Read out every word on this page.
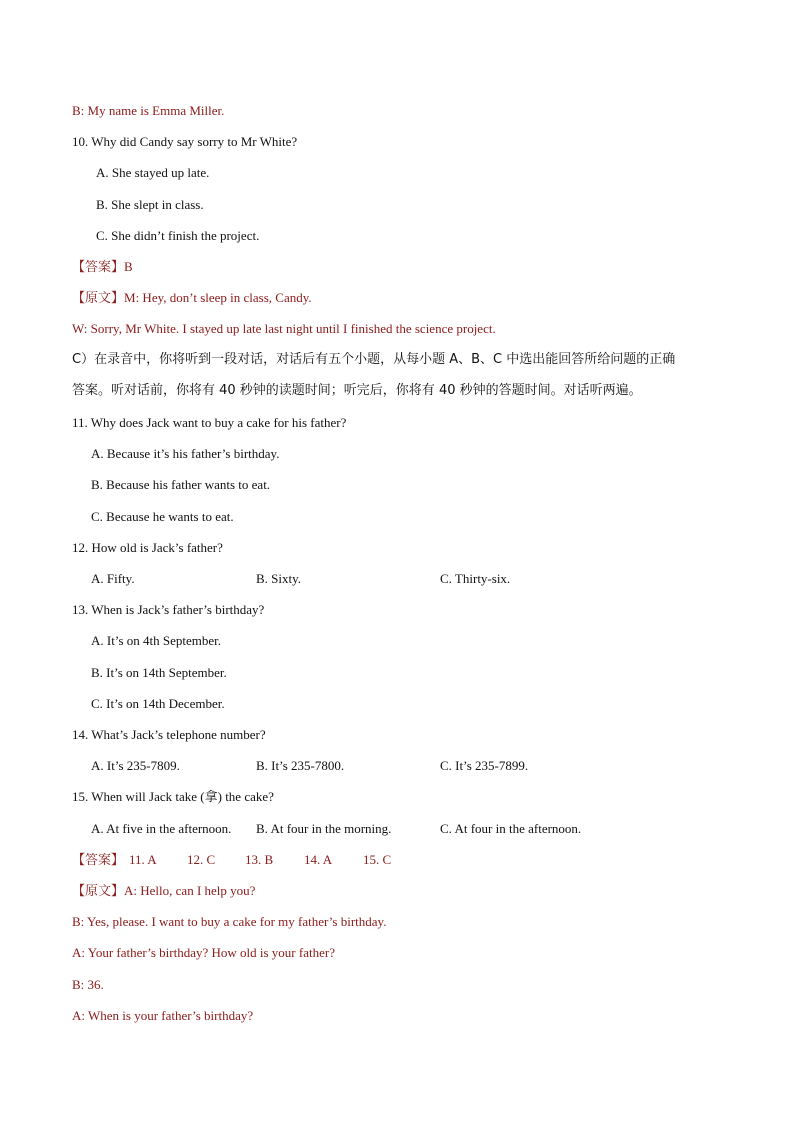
B: My name is Emma Miller.
10. Why did Candy say sorry to Mr White?
A. She stayed up late.
B. She slept in class.
C. She didn’t finish the project.
【答案】B
【原文】M: Hey, don’t sleep in class, Candy.
W: Sorry, Mr White. I stayed up late last night until I finished the science project.
C）在录音中，你将听到一段对话，对话后有五个小题，从每小题 A、B、C 中选出能回答所给问题的正确
答案。听对话前，你将有 40 秒钟的读题时间；听完后，你将有 40 秒钟的答题时间。对话听两遍。
11. Why does Jack want to buy a cake for his father?
A. Because it’s his father’s birthday.
B. Because his father wants to eat.
C. Because he wants to eat.
12. How old is Jack’s father?
A. Fifty.	B. Sixty.	C. Thirty-six.
13. When is Jack’s father’s birthday?
A. It’s on 4th September.
B. It’s on 14th September.
C. It’s on 14th December.
14. What’s Jack’s telephone number?
A. It’s 235-7809.	B. It’s 235-7800.	C. It’s 235-7899.
15. When will Jack take (拿) the cake?
A. At five in the afternoon. B. At four in the morning.	C. At four in the afternoon.
【答案】 11. A 12. C 13. B 14. A 15. C
【原文】A: Hello, can I help you?
B: Yes, please. I want to buy a cake for my father’s birthday.
A: Your father’s birthday? How old is your father?
B: 36.
A: When is your father’s birthday?
